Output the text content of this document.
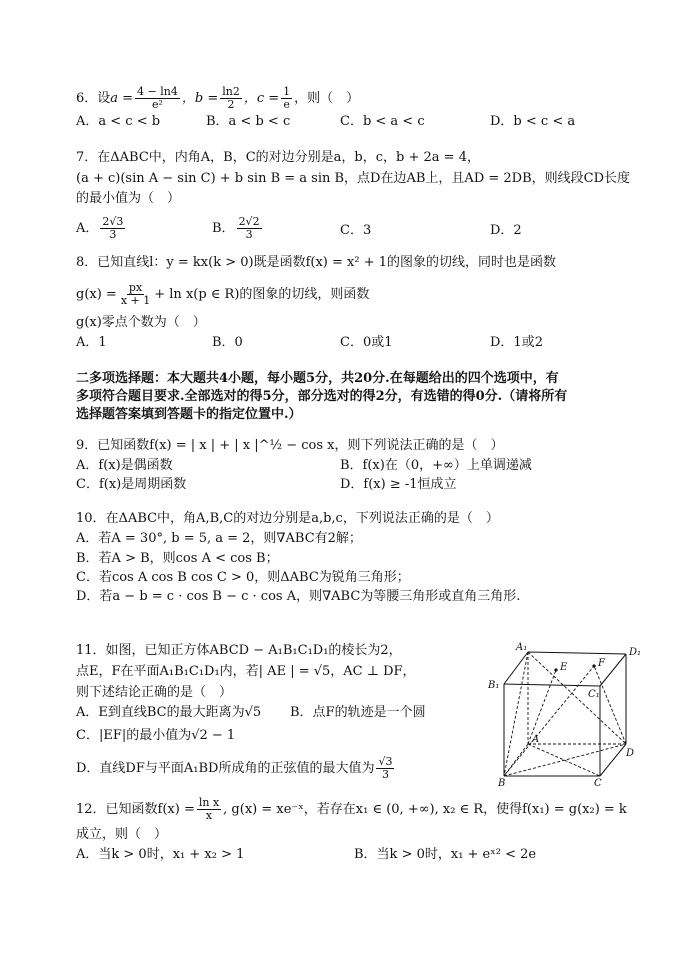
6．设$a = \frac{4 - \ln 4}{\text{e²}}$ ，$b = \frac{\ln 2}{2}$ ，$c = \frac{1}{e}$ ，则（　）
A．a < c < b	B．a < b < c	C．b < a < c	D．b < c < a
7．在ΔABC中，内角A，B，C的对边分别是a，b，c，b + 2a = 4，
(a + c)(sin A − sin C) + b sin B = a sin B，点D在边AB上，且AD = 2DB，则线段CD长度
的最小值为（　）
A． $\frac{2√3}{3}$	B． $\frac{2√2}{3}$	C．3	D．2
8．已知直线l：y = kx(k > 0)既是函数f(x) = x² + 1的图象的切线，同时也是函数
$g(x) = \frac{px}{x + 1} + \ln x(p$ ∈ R)的图象的切线，则函数
g(x)零点个数为（　）
A．1	B．0	C．0或1	D．1或2
二多项选择题：本大题共4小题，每小题5分，共20分.在每题给出的四个选项中，有
多项符合题目要求.全部选对的得5分，部分选对的得2分，有选错的得0分.（请将所有
选择题答案填到答题卡的指定位置中.）
9．已知函数f(x) = | x | + | x |^½ − cos x，则下列说法正确的是（　）
A．f(x)是偶函数	B．f(x)在（0，+∞）上单调递减
C．f(x)是周期函数	D．f(x) ≥ -1恒成立
10．在ΔABC中，角A,B,C的对边分别是a,b,c，下列说法正确的是（　）
A．若A = 30°, b = 5, a = 2，则∇ABC有2解；
B．若A > B，则cos A < cos B；
C．若cos A cos B cos C > 0，则ΔABC为锐角三角形；
D．若a − b = c · cos B − c · cos A，则∇ABC为等腰三角形或直角三角形.
11．如图，已知正方体ABCD − A₁B₁C₁D₁的棱长为2，
点E，F在平面A₁B₁C₁D₁内，若| AE | = √5，AC ⊥ DF，
则下述结论正确的是（　）
A．E到直线BC的最大距离为√5 B．点F的轨迹是一个圆
C．|EF|的最小值为√2 − 1
D．直线DF与平面A₁BD所成角的正弦值的最大值为 $\frac{√3}{3}$
A₁	D₁
B₁
C₁
E	F
A
D
B	C
12．已知函数$f(x) = \frac{\text{ln x}}{x}$ , g(x) = xe⁻ˣ，若存在x₁ ∈ (0, +∞), x₂ ∈ R，使得f(x₁) = g(x₂) = k
成立，则（　）
A．当k > 0时，x₁ + x₂ > 1	B．当k > 0时，x₁ + eˣ² < 2e
